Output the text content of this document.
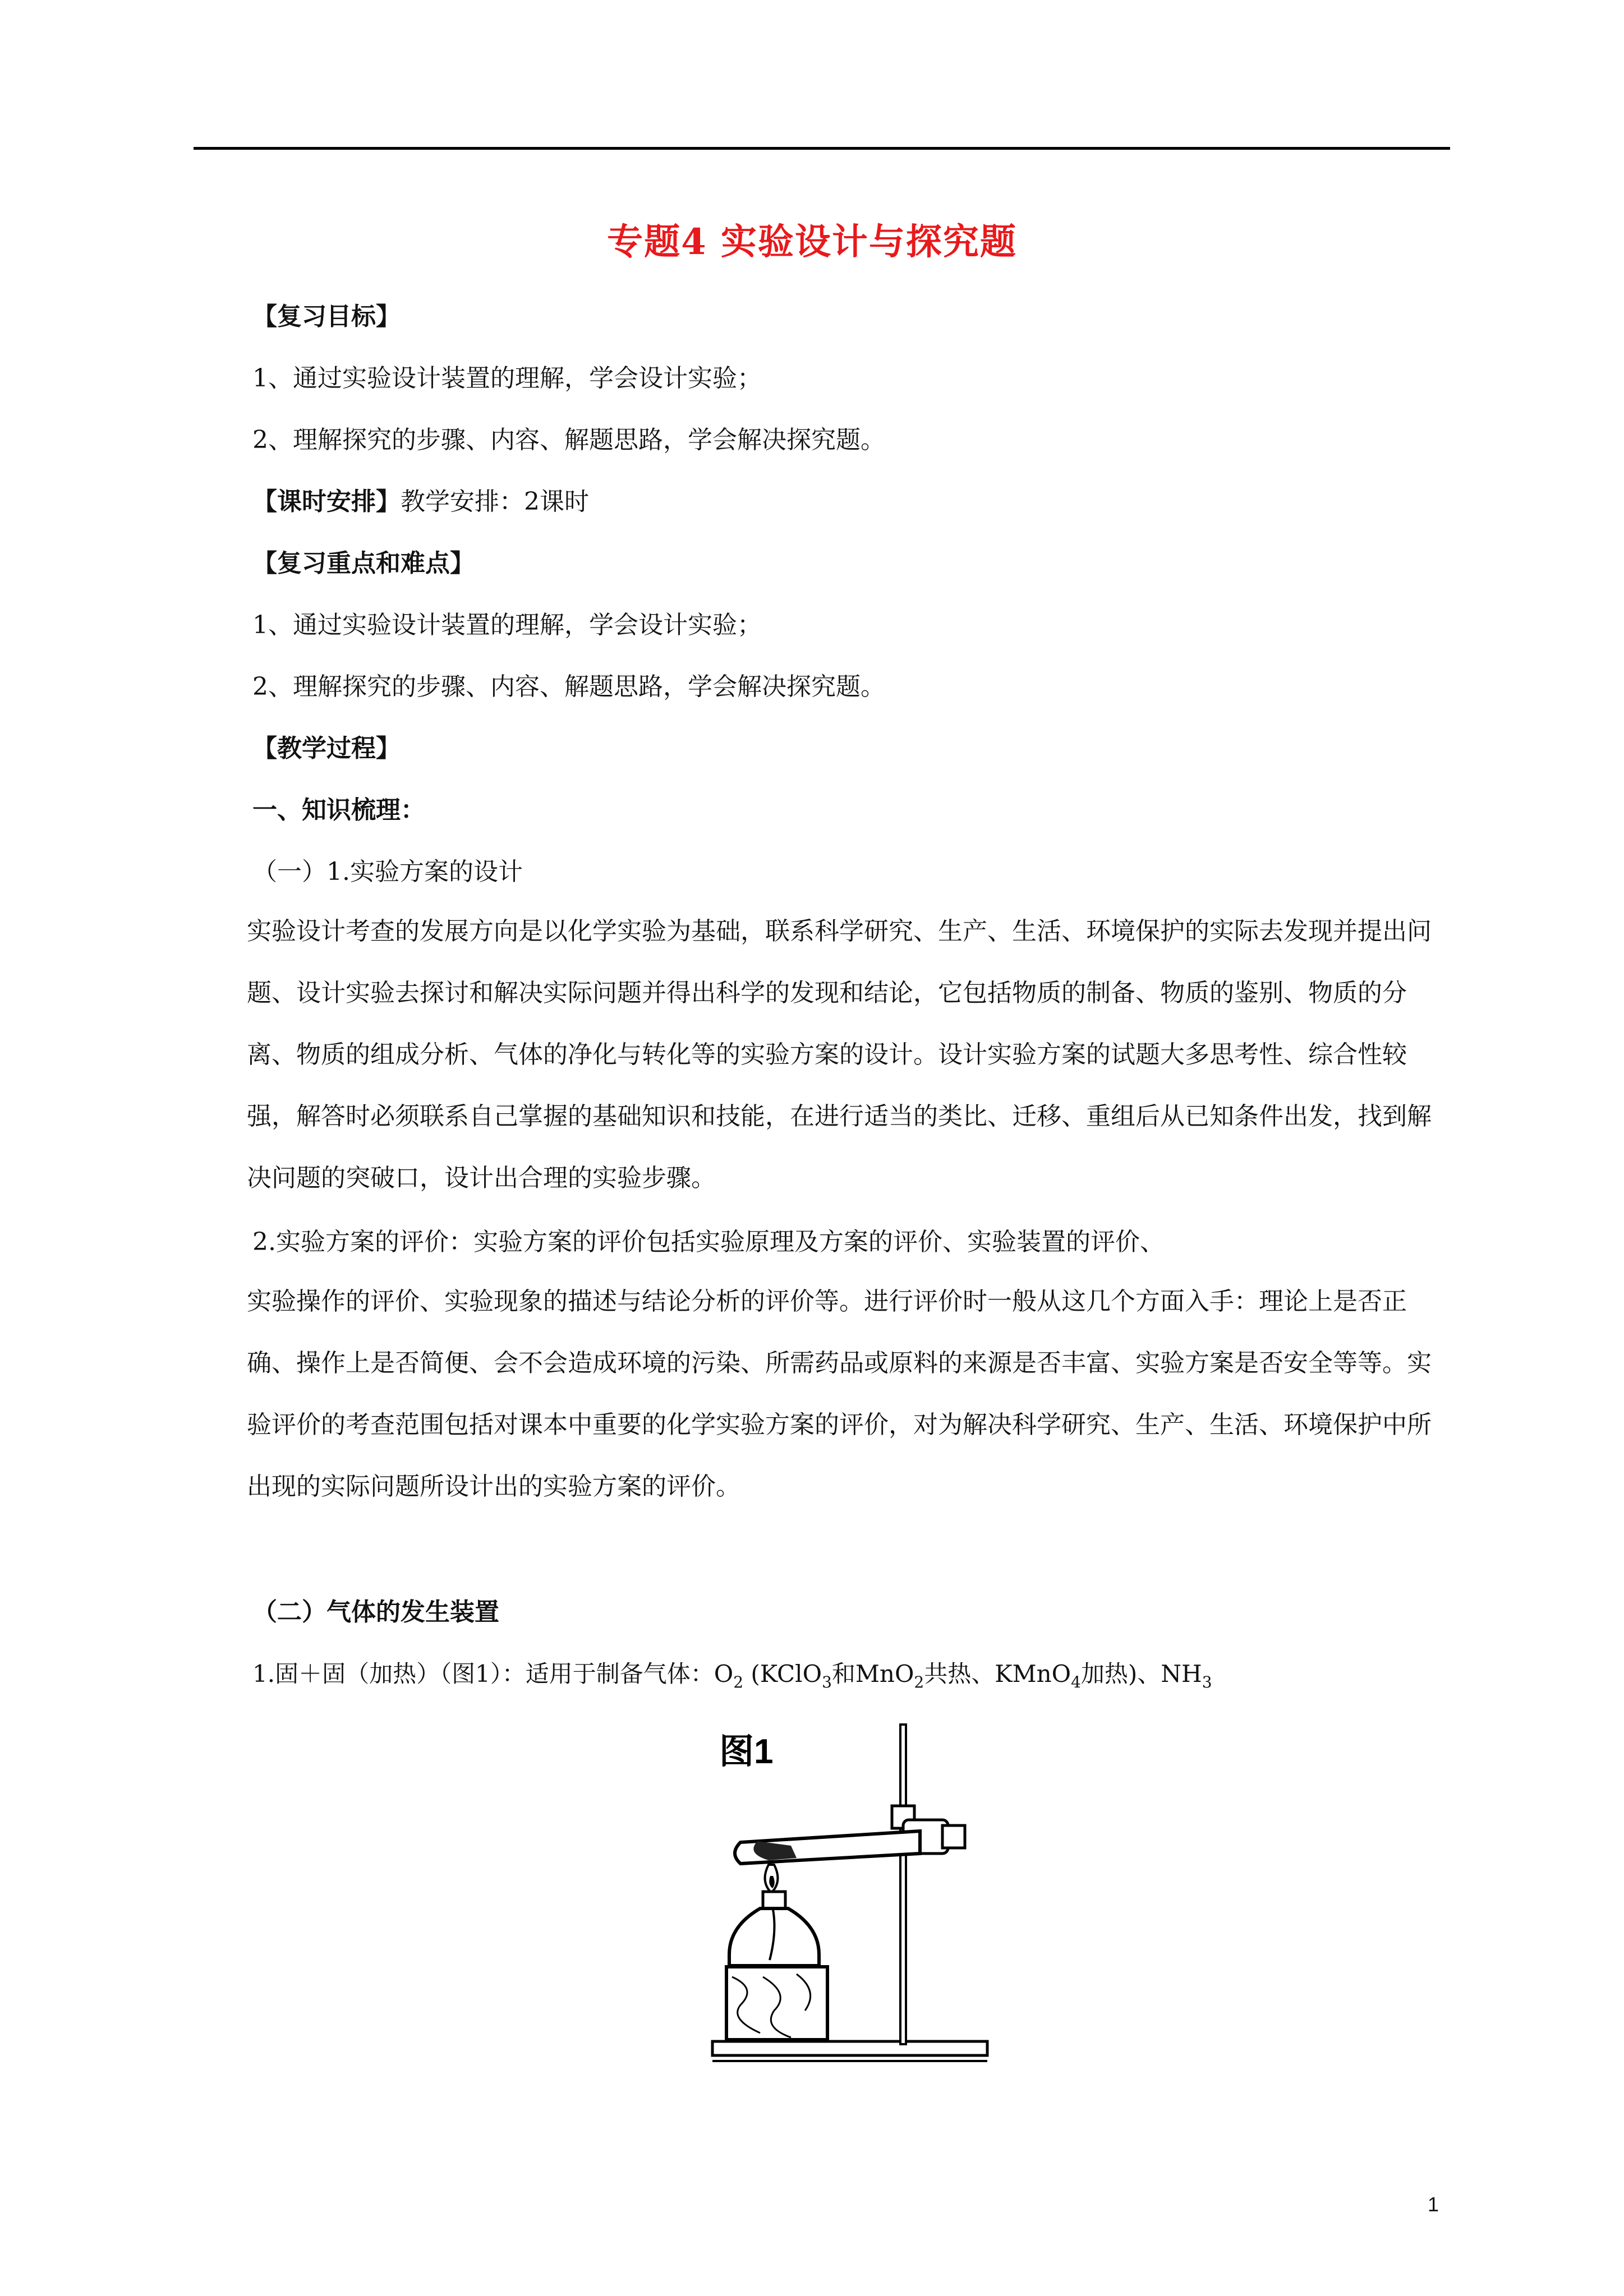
专题4 实验设计与探究题
【复习目标】
1、通过实验设计装置的理解，学会设计实验；
2、理解探究的步骤、内容、解题思路，学会解决探究题。
【课时安排】教学安排：2课时
【复习重点和难点】
1、通过实验设计装置的理解，学会设计实验；
2、理解探究的步骤、内容、解题思路，学会解决探究题。
【教学过程】
一、知识梳理：
（一）1.实验方案的设计
实验设计考查的发展方向是以化学实验为基础，联系科学研究、生产、生活、环境保护的实际去发现并提出问题、设计实验去探讨和解决实际问题并得出科学的发现和结论，它包括物质的制备、物质的鉴别、物质的分离、物质的组成分析、气体的净化与转化等的实验方案的设计。设计实验方案的试题大多思考性、综合性较强，解答时必须联系自己掌握的基础知识和技能，在进行适当的类比、迁移、重组后从已知条件出发，找到解决问题的突破口，设计出合理的实验步骤。
2.实验方案的评价：实验方案的评价包括实验原理及方案的评价、实验装置的评价、
实验操作的评价、实验现象的描述与结论分析的评价等。进行评价时一般从这几个方面入手：理论上是否正确、操作上是否简便、会不会造成环境的污染、所需药品或原料的来源是否丰富、实验方案是否安全等等。实验评价的考查范围包括对课本中重要的化学实验方案的评价，对为解决科学研究、生产、生活、环境保护中所出现的实际问题所设计出的实验方案的评价。
（二）气体的发生装置
1.固＋固（加热）（图1）：适用于制备气体：$O_2$ (KClO$_3$和MnO$_2$共热、KMnO$_4$加热)、$NH_3$
图1
1
